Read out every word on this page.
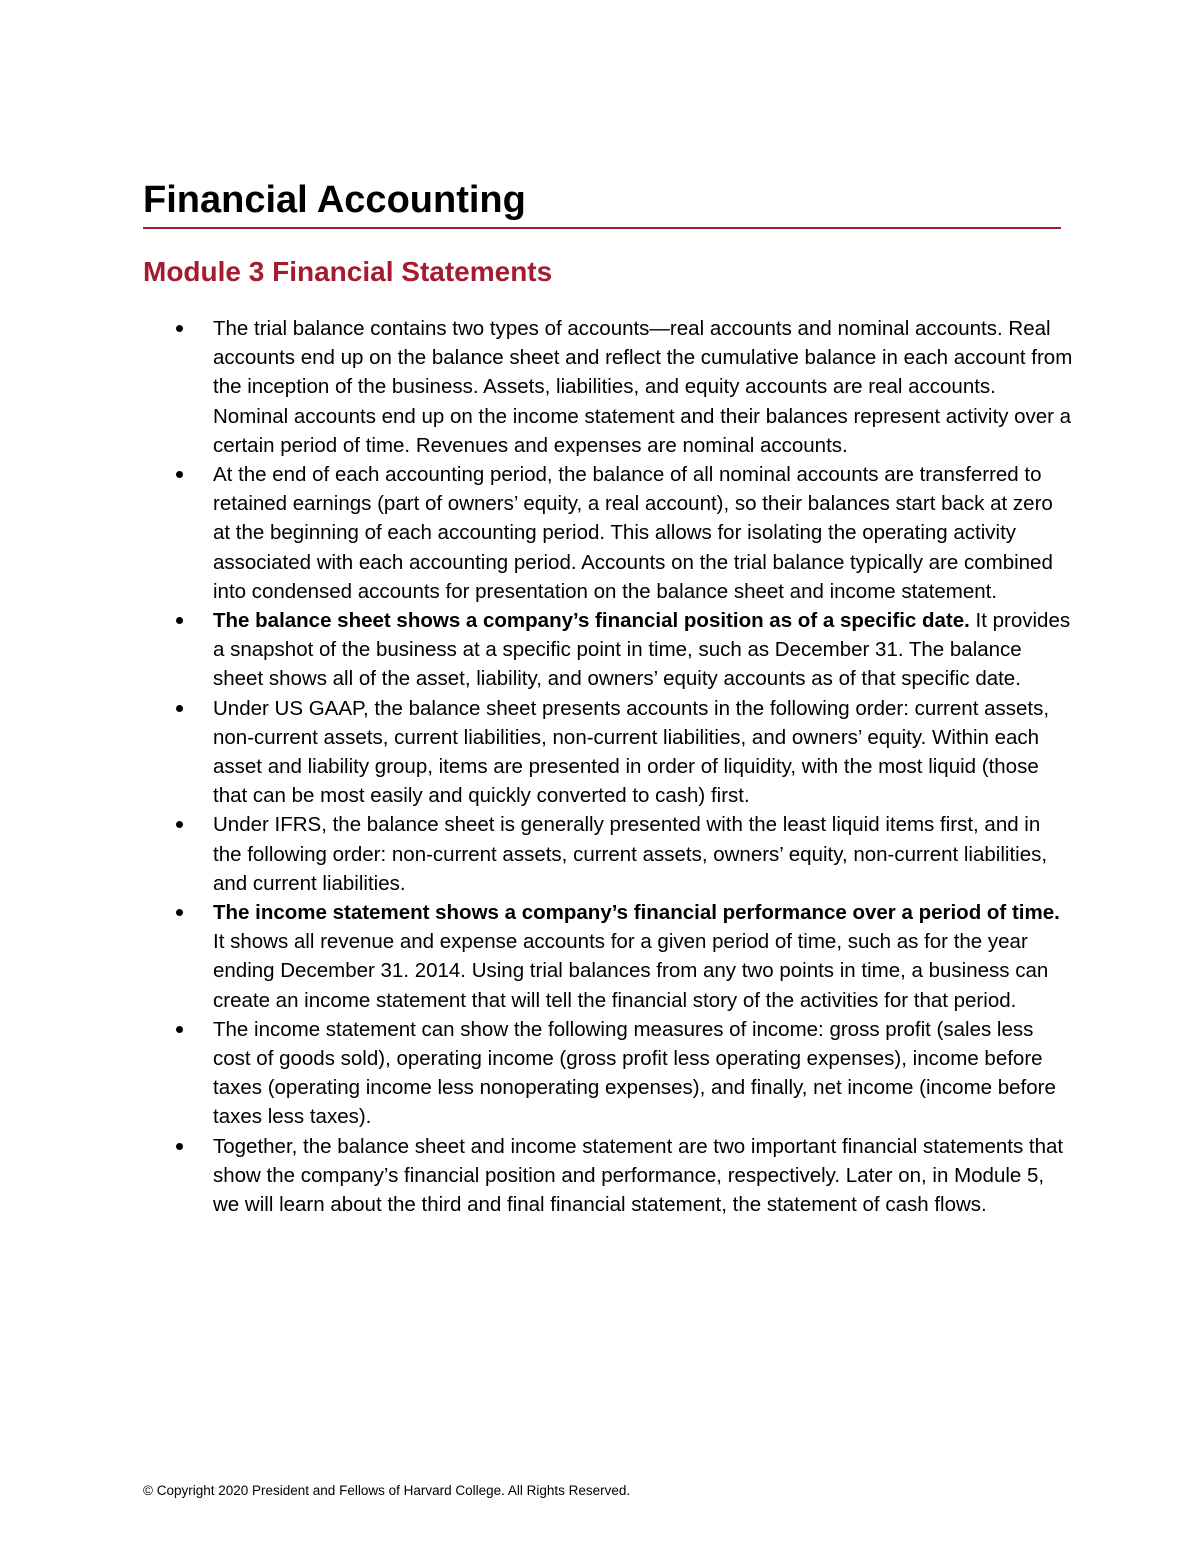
Financial Accounting
Module 3 Financial Statements
The trial balance contains two types of accounts—real accounts and nominal accounts. Real accounts end up on the balance sheet and reflect the cumulative balance in each account from the inception of the business. Assets, liabilities, and equity accounts are real accounts. Nominal accounts end up on the income statement and their balances represent activity over a certain period of time. Revenues and expenses are nominal accounts.
At the end of each accounting period, the balance of all nominal accounts are transferred to retained earnings (part of owners’ equity, a real account), so their balances start back at zero at the beginning of each accounting period. This allows for isolating the operating activity associated with each accounting period. Accounts on the trial balance typically are combined into condensed accounts for presentation on the balance sheet and income statement.
The balance sheet shows a company’s financial position as of a specific date. It provides a snapshot of the business at a specific point in time, such as December 31. The balance sheet shows all of the asset, liability, and owners’ equity accounts as of that specific date.
Under US GAAP, the balance sheet presents accounts in the following order: current assets, non-current assets, current liabilities, non-current liabilities, and owners’ equity. Within each asset and liability group, items are presented in order of liquidity, with the most liquid (those that can be most easily and quickly converted to cash) first.
Under IFRS, the balance sheet is generally presented with the least liquid items first, and in the following order: non-current assets, current assets, owners’ equity, non-current liabilities, and current liabilities.
The income statement shows a company’s financial performance over a period of time. It shows all revenue and expense accounts for a given period of time, such as for the year ending December 31. 2014. Using trial balances from any two points in time, a business can create an income statement that will tell the financial story of the activities for that period.
The income statement can show the following measures of income: gross profit (sales less cost of goods sold), operating income (gross profit less operating expenses), income before taxes (operating income less nonoperating expenses), and finally, net income (income before taxes less taxes).
Together, the balance sheet and income statement are two important financial statements that show the company’s financial position and performance, respectively. Later on, in Module 5, we will learn about the third and final financial statement, the statement of cash flows.

© Copyright 2020 President and Fellows of Harvard College. All Rights Reserved.
